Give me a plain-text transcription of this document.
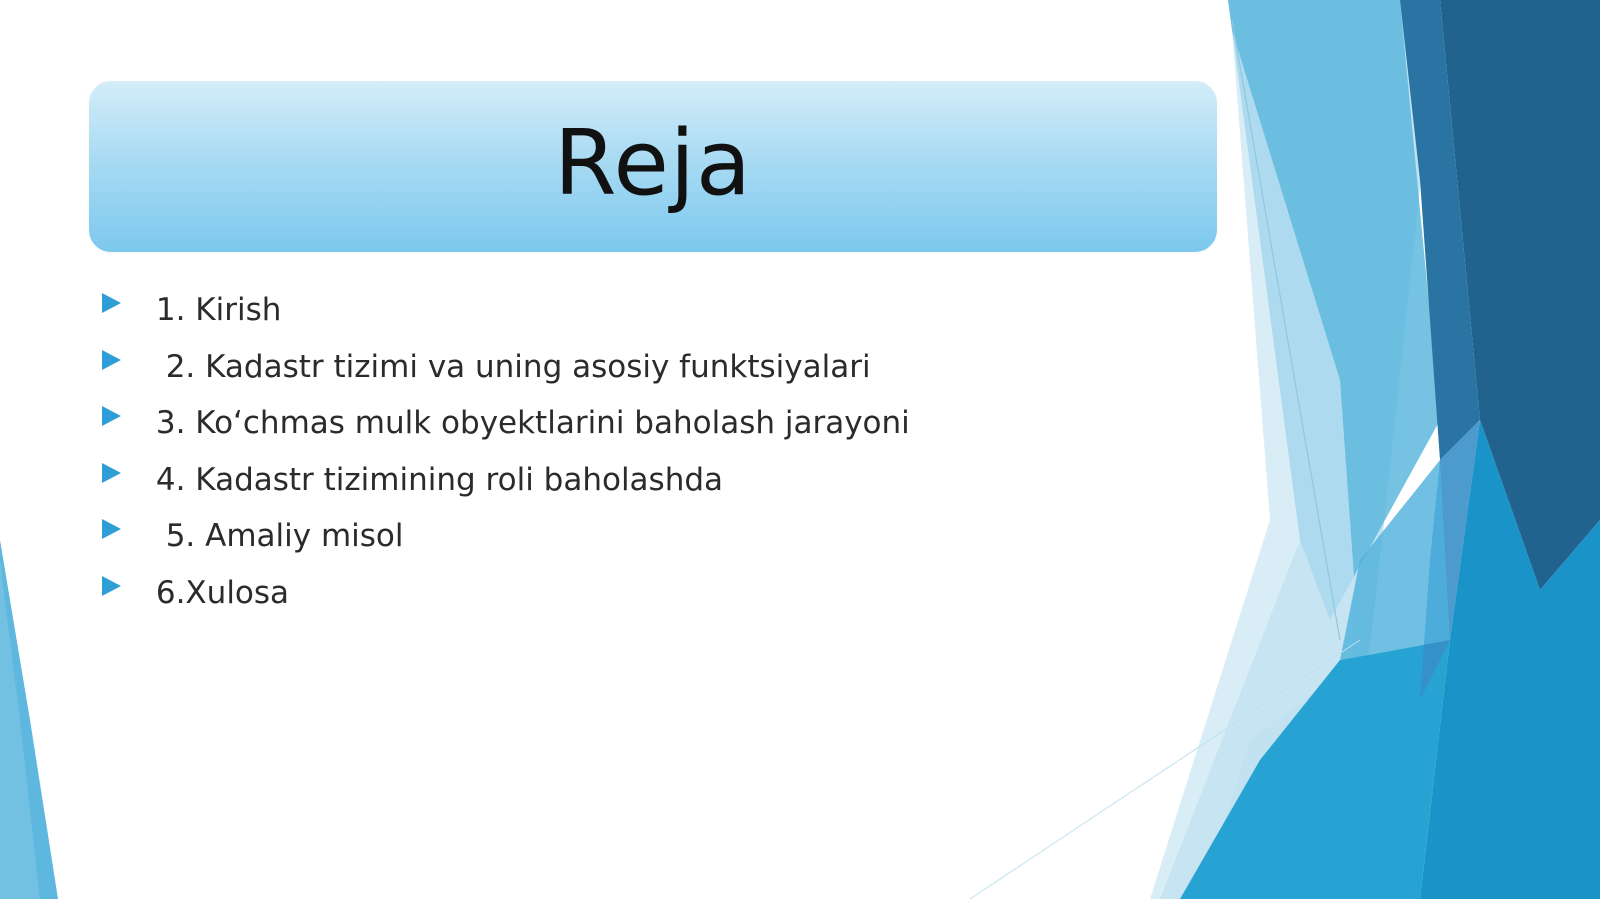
Reja
1. Kirish
2. Kadastr tizimi va uning asosiy funktsiyalari
3. Ko‘chmas mulk obyektlarini baholash jarayoni
4. Kadastr tizimining roli baholashda
5. Amaliy misol
6.Xulosa
